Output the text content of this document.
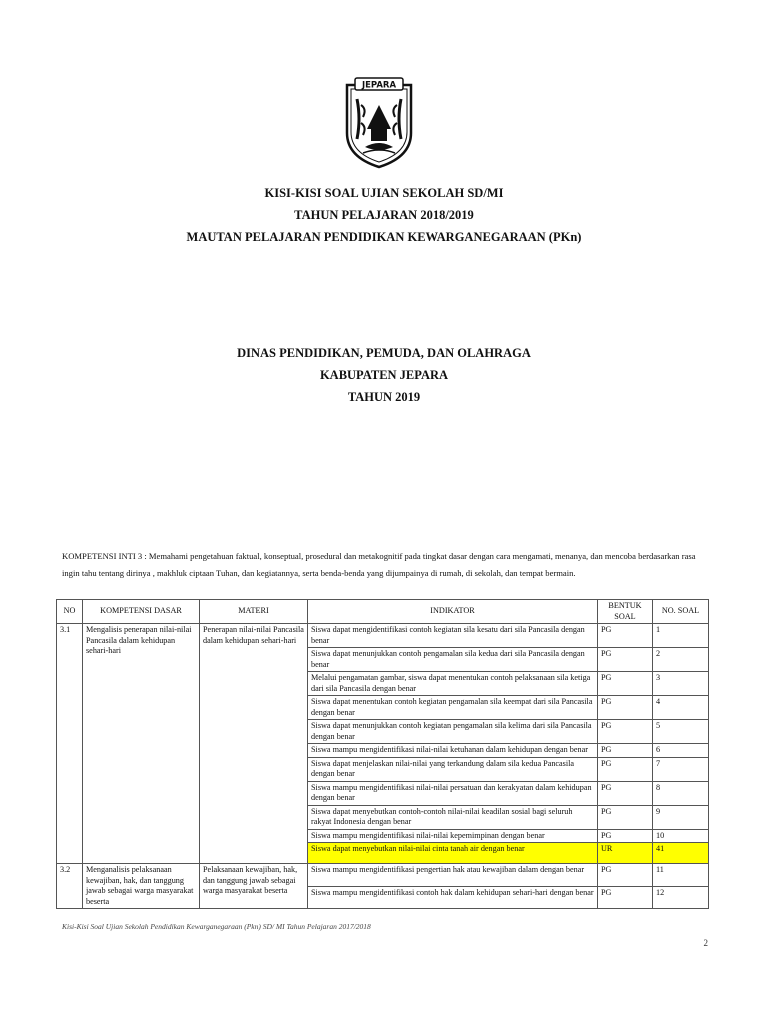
JEPARA
KISI-KISI SOAL UJIAN SEKOLAH SD/MI
TAHUN PELAJARAN 2018/2019
MAUTAN PELAJARAN PENDIDIKAN KEWARGANEGARAAN (PKn)
DINAS PENDIDIKAN, PEMUDA, DAN OLAHRAGA
KABUPATEN JEPARA
TAHUN 2019
KOMPETENSI INTI 3 : Memahami pengetahuan faktual, konseptual, prosedural dan metakognitif pada tingkat dasar dengan cara mengamati, menanya, dan mencoba berdasarkan rasa ingin tahu tentang dirinya , makhluk ciptaan Tuhan, dan kegiatannya, serta benda-benda yang dijumpainya di rumah, di sekolah, dan tempat bermain.
NO	KOMPETENSI DASAR	MATERI	INDIKATOR	BENTUK SOAL	NO. SOAL
3.1	Mengalisis penerapan nilai-nilai Pancasila dalam kehidupan sehari-hari	Penerapan nilai-nilai Pancasila dalam kehidupan sehari-hari	Siswa dapat mengidentifikasi contoh kegiatan sila kesatu dari sila Pancasila dengan benar	PG	1
			Siswa dapat menunjukkan contoh pengamalan sila kedua dari sila Pancasila dengan benar	PG	2
			Melalui pengamatan gambar, siswa dapat menentukan contoh pelaksanaan sila ketiga dari sila Pancasila dengan benar	PG	3
			Siswa dapat menentukan contoh kegiatan pengamalan sila keempat dari sila Pancasila dengan benar	PG	4
			Siswa dapat menunjukkan contoh kegiatan pengamalan sila kelima dari sila Pancasila dengan benar	PG	5
			Siswa mampu mengidentifikasi nilai-nilai ketuhanan dalam kehidupan dengan benar	PG	6
			Siswa dapat menjelaskan nilai-nilai yang terkandung dalam sila kedua Pancasila dengan benar	PG	7
			Siswa mampu mengidentifikasi nilai-nilai persatuan dan kerakyatan dalam kehidupan dengan benar	PG	8
			Siswa dapat menyebutkan contoh-contoh nilai-nilai keadilan sosial bagi seluruh rakyat Indonesia dengan benar	PG	9
			Siswa mampu mengidentifikasi nilai-nilai kepemimpinan dengan benar	PG	10
			Siswa dapat menyebutkan nilai-nilai cinta tanah air dengan benar	UR	41
3.2	Menganalisis pelaksanaan kewajiban, hak, dan tanggung jawab sebagai warga masyarakat beserta	Pelaksanaan kewajiban, hak, dan tanggung jawab sebagai warga masyarakat beserta	Siswa mampu mengidentifikasi pengertian hak atau kewajiban dalam dengan benar	PG	11
			Siswa mampu mengidentifikasi contoh hak dalam kehidupan sehari-hari dengan benar	PG	12
Kisi-Kisi Soal Ujian Sekolah Pendidikan Kewarganegaraan (Pkn) SD/ MI Tahun Pelajaran 2017/2018
2
